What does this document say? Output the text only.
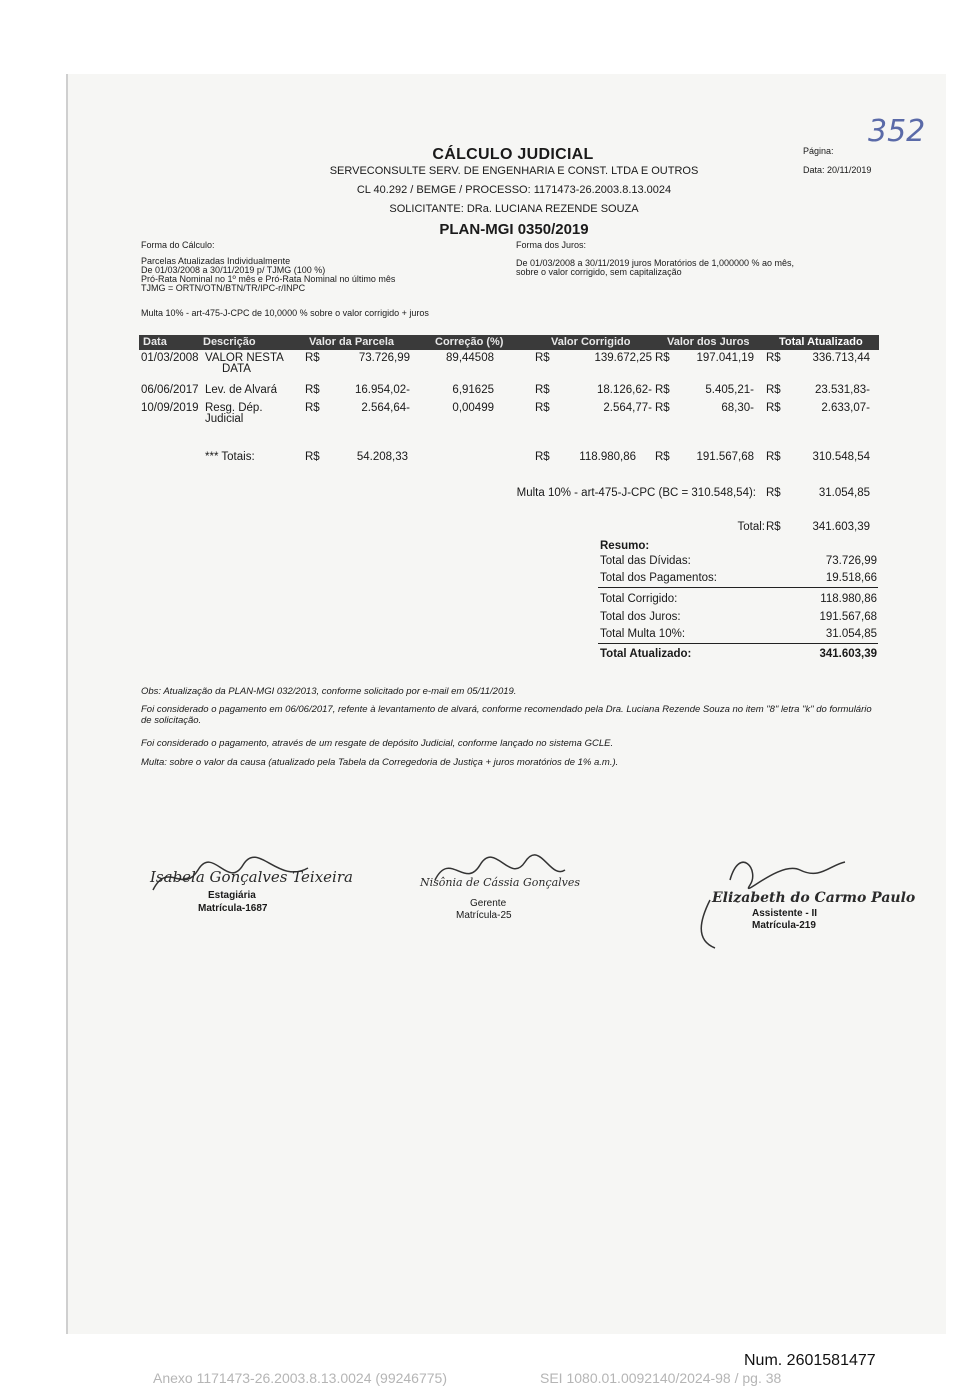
352
Página:
Data: 20/11/2019
CÁLCULO JUDICIAL
SERVECONSULTE SERV. DE ENGENHARIA E CONST. LTDA E OUTROS
CL 40.292 / BEMGE / PROCESSO: 1171473-26.2003.8.13.0024
SOLICITANTE: DRa. LUCIANA REZENDE SOUZA
PLAN-MGI 0350/2019
Forma do Cálculo:
Parcelas Atualizadas Individualmente
De 01/03/2008 a 30/11/2019 p/ TJMG (100 %)
Pró-Rata Nominal no 1º mês e Pró-Rata Nominal no último mês
TJMG = ORTN/OTN/BTN/TR/IPC-r/INPC
Forma dos Juros:
De 01/03/2008 a 30/11/2019 juros Moratórios de 1,000000 % ao mês,
sobre o valor corrigido, sem capitalização
Multa 10% - art-475-J-CPC de 10,0000 % sobre o valor corrigido + juros
Data	Descrição	Valor da Parcela	Correção (%)	Valor Corrigido	Valor dos Juros	Total Atualizado
01/03/2008 VALOR NESTA
DATA
R$	73.726,99	89,44508	R$	139.672,25 R$	197.041,19 R$	336.713,44
06/06/2017 Lev. de Alvará R$	16.954,02-	6,91625	R$	18.126,62- R$	5.405,21- R$	23.531,83-
10/09/2019 Resg. Dép.
Judicial
R$	2.564,64-	0,00499	R$	2.564,77- R$	68,30- R$	2.633,07-
*** Totais:	R$	54.208,33	R$	118.980,86 R$	191.567,68 R$	310.548,54
Multa 10% - art-475-J-CPC (BC = 310.548,54): R$	31.054,85
Total: R$	341.603,39
Resumo:
Total das Dívidas:	73.726,99
Total dos Pagamentos:	19.518,66
Total Corrigido:	118.980,86
Total dos Juros:	191.567,68
Total Multa 10%:	31.054,85
Total Atualizado:	341.603,39
Obs: Atualização da PLAN-MGI 032/2013, conforme solicitado por e-mail em 05/11/2019.
Foi considerado o pagamento em 06/06/2017, refente à levantamento de alvará, conforme recomendado pela Dra. Luciana Rezende Souza no item "8" letra "k" do formulário de solicitação.
Foi considerado o pagamento, através de um resgate de depósito Judicial, conforme lançado no sistema GCLE.
Multa: sobre o valor da causa (atualizado pela Tabela da Corregedoria de Justiça + juros moratórios de 1% a.m.).
Isabela Gonçalves Teixeira
Estagiária
Matrícula-1687
Nisônia de Cássia Gonçalves
Gerente
Matrícula-25
Elizabeth do Carmo Paulo
Assistente - II
Matrícula-219
Num. 2601581477
Anexo 1171473-26.2003.8.13.0024 (99246775)	SEI 1080.01.0092140/2024-98 / pg. 38
